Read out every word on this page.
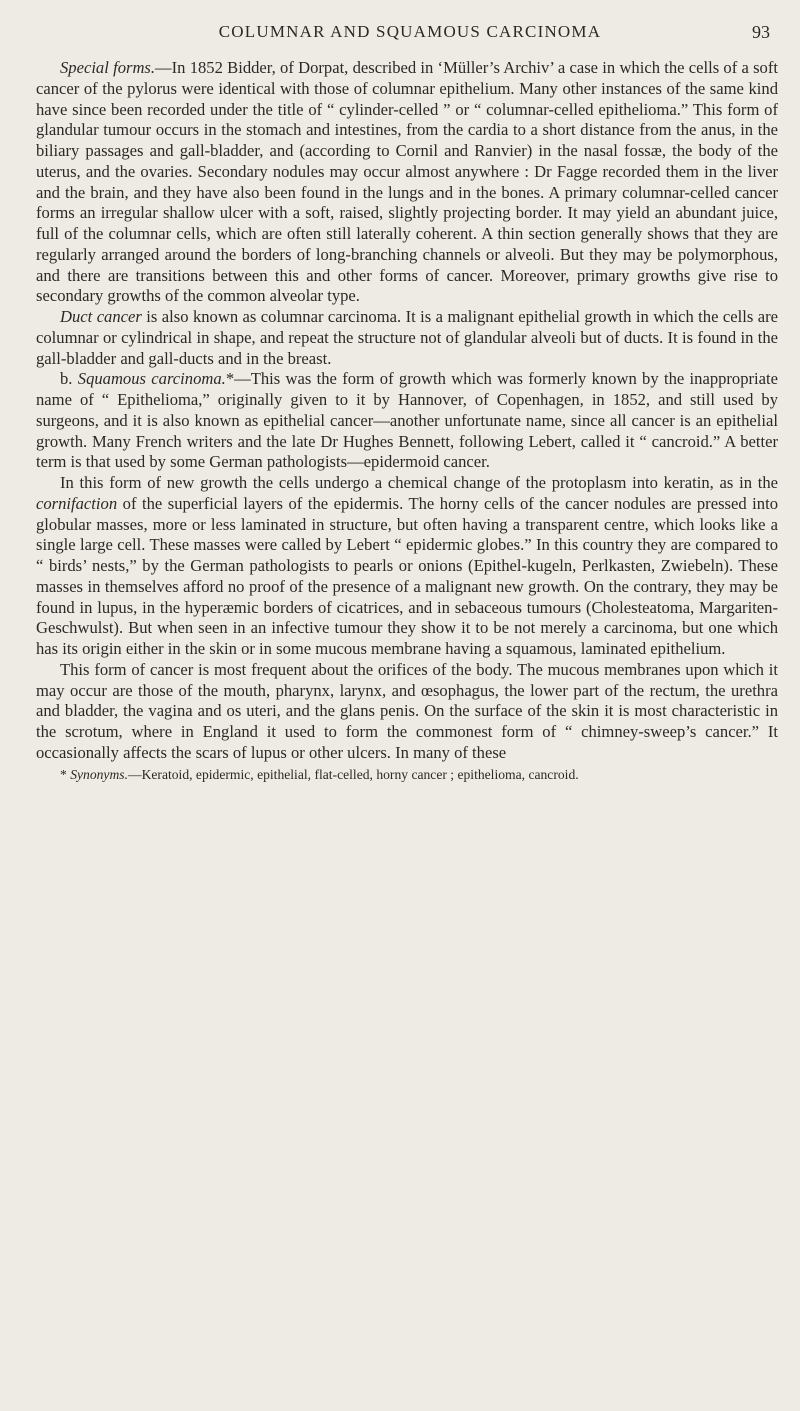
COLUMNAR AND SQUAMOUS CARCINOMA	93

Special forms.—In 1852 Bidder, of Dorpat, described in ‘Müller’s Archiv’ a case in which the cells of a soft cancer of the pylorus were identical with those of columnar epithelium. Many other instances of the same kind have since been recorded under the title of “ cylinder-celled ” or “ columnar-celled epithelioma.” This form of glandular tumour occurs in the stomach and intestines, from the cardia to a short distance from the anus, in the biliary passages and gall-bladder, and (according to Cornil and Ranvier) in the nasal fossæ, the body of the uterus, and the ovaries. Secondary nodules may occur almost anywhere : Dr Fagge recorded them in the liver and the brain, and they have also been found in the lungs and in the bones. A primary columnar-celled cancer forms an irregular shallow ulcer with a soft, raised, slightly projecting border. It may yield an abundant juice, full of the columnar cells, which are often still laterally coherent. A thin section generally shows that they are regularly arranged around the borders of long-branching channels or alveoli. But they may be polymorphous, and there are transitions between this and other forms of cancer. Moreover, primary growths give rise to secondary growths of the common alveolar type.

Duct cancer is also known as columnar carcinoma. It is a malignant epithelial growth in which the cells are columnar or cylindrical in shape, and repeat the structure not of glandular alveoli but of ducts. It is found in the gall-bladder and gall-ducts and in the breast.

b. Squamous carcinoma.*—This was the form of growth which was formerly known by the inappropriate name of “ Epithelioma,” originally given to it by Hannover, of Copenhagen, in 1852, and still used by surgeons, and it is also known as epithelial cancer—another unfortunate name, since all cancer is an epithelial growth. Many French writers and the late Dr Hughes Bennett, following Lebert, called it “ cancroid.” A better term is that used by some German pathologists—epidermoid cancer.

In this form of new growth the cells undergo a chemical change of the protoplasm into keratin, as in the cornifaction of the superficial layers of the epidermis. The horny cells of the cancer nodules are pressed into globular masses, more or less laminated in structure, but often having a transparent centre, which looks like a single large cell. These masses were called by Lebert “ epidermic globes.” In this country they are compared to “ birds’ nests,” by the German pathologists to pearls or onions (Epithel-kugeln, Perlkasten, Zwiebeln). These masses in themselves afford no proof of the presence of a malignant new growth. On the contrary, they may be found in lupus, in the hyperæmic borders of cicatrices, and in sebaceous tumours (Cholesteatoma, Margariten-Geschwulst). But when seen in an infective tumour they show it to be not merely a carcinoma, but one which has its origin either in the skin or in some mucous membrane having a squamous, laminated epithelium.

This form of cancer is most frequent about the orifices of the body. The mucous membranes upon which it may occur are those of the mouth, pharynx, larynx, and œsophagus, the lower part of the rectum, the urethra and bladder, the vagina and os uteri, and the glans penis. On the surface of the skin it is most characteristic in the scrotum, where in England it used to form the commonest form of “ chimney-sweep’s cancer.” It occasionally affects the scars of lupus or other ulcers. In many of these

* Synonyms.—Keratoid, epidermic, epithelial, flat-celled, horny cancer ; epithelioma, cancroid.
